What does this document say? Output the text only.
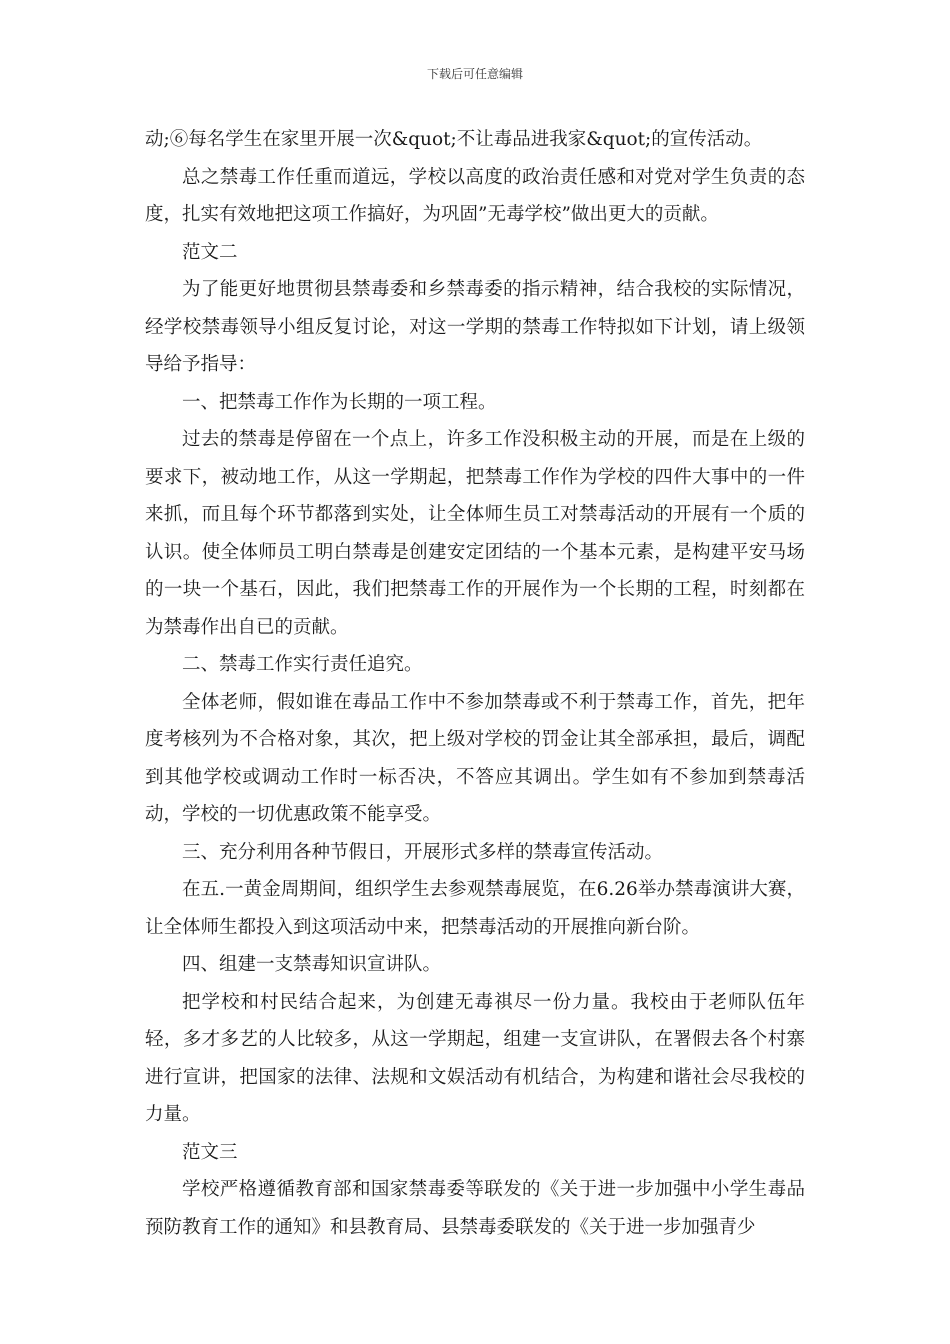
下载后可任意编辑

动;⑥每名学生在家里开展一次&quot;不让毒品进我家&quot;的宣传活动。

总之禁毒工作任重而道远，学校以高度的政治责任感和对党对学生负责的态度，扎实有效地把这项工作搞好，为巩固”无毒学校”做出更大的贡献。

范文二

为了能更好地贯彻县禁毒委和乡禁毒委的指示精神，结合我校的实际情况，经学校禁毒领导小组反复讨论，对这一学期的禁毒工作特拟如下计划，请上级领导给予指导：

一、把禁毒工作作为长期的一项工程。

过去的禁毒是停留在一个点上，许多工作没积极主动的开展，而是在上级的要求下，被动地工作，从这一学期起，把禁毒工作作为学校的四件大事中的一件来抓，而且每个环节都落到实处，让全体师生员工对禁毒活动的开展有一个质的认识。使全体师员工明白禁毒是创建安定团结的一个基本元素，是构建平安马场的一块一个基石，因此，我们把禁毒工作的开展作为一个长期的工程，时刻都在为禁毒作出自已的贡献。

二、禁毒工作实行责任追究。

全体老师，假如谁在毒品工作中不参加禁毒或不利于禁毒工作，首先，把年度考核列为不合格对象，其次，把上级对学校的罚金让其全部承担，最后，调配到其他学校或调动工作时一标否决，不答应其调出。学生如有不参加到禁毒活动，学校的一切优惠政策不能享受。

三、充分利用各种节假日，开展形式多样的禁毒宣传活动。

在五.一黄金周期间，组织学生去参观禁毒展览，在6.26举办禁毒演讲大赛，让全体师生都投入到这项活动中来，把禁毒活动的开展推向新台阶。

四、组建一支禁毒知识宣讲队。

把学校和村民结合起来，为创建无毒祺尽一份力量。我校由于老师队伍年轻，多才多艺的人比较多，从这一学期起，组建一支宣讲队，在署假去各个村寨进行宣讲，把国家的法律、法规和文娱活动有机结合，为构建和谐社会尽我校的力量。

范文三

学校严格遵循教育部和国家禁毒委等联发的《关于进一步加强中小学生毒品预防教育工作的通知》和县教育局、县禁毒委联发的《关于进一步加强青少
